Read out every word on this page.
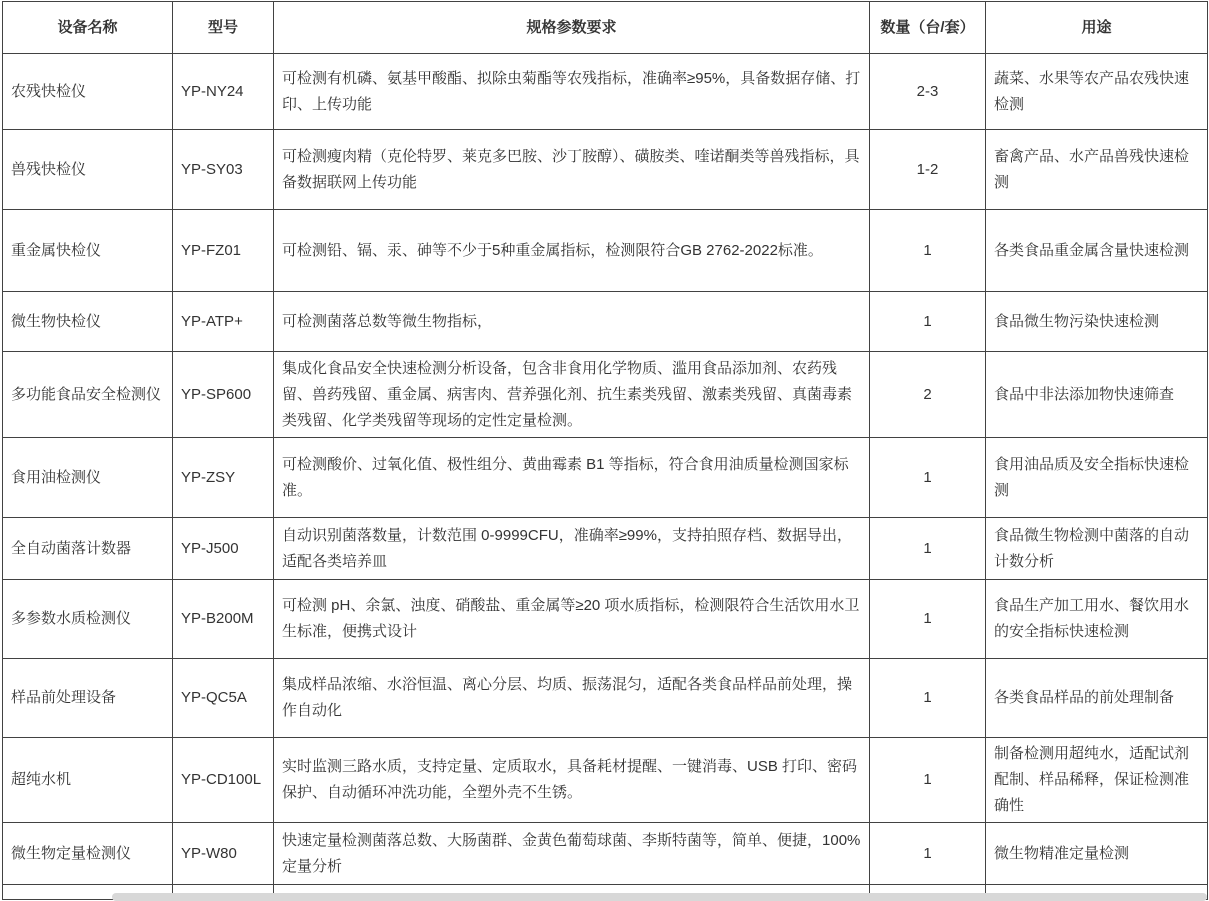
设备名称	型号	规格参数要求	数量（台/套）	用途
农残快检仪	YP-NY24	可检测有机磷、氨基甲酸酯、拟除虫菊酯等农残指标，准确率≥95%，具备数据存储、打印、上传功能	2-3	蔬菜、水果等农产品农残快速检测
兽残快检仪	YP-SY03	可检测瘦肉精（克伦特罗、莱克多巴胺、沙丁胺醇）、磺胺类、喹诺酮类等兽残指标，具备数据联网上传功能	1-2	畜禽产品、水产品兽残快速检测
重金属快检仪	YP-FZ01	可检测铅、镉、汞、砷等不少于5种重金属指标，检测限符合GB 2762-2022标准。	1	各类食品重金属含量快速检测
微生物快检仪	YP-ATP+	可检测菌落总数等微生物指标，	1	食品微生物污染快速检测
多功能食品安全检测仪	YP-SP600	集成化食品安全快速检测分析设备，包含非食用化学物质、滥用食品添加剂、农药残留、兽药残留、重金属、病害肉、营养强化剂、抗生素类残留、激素类残留、真菌毒素类残留、化学类残留等现场的定性定量检测。	2	食品中非法添加物快速筛查
食用油检测仪	YP-ZSY	可检测酸价、过氧化值、极性组分、黄曲霉素 B1 等指标，符合食用油质量检测国家标准。	1	食用油品质及安全指标快速检测
全自动菌落计数器	YP-J500	自动识别菌落数量，计数范围 0-9999CFU，准确率≥99%，支持拍照存档、数据导出，适配各类培养皿	1	食品微生物检测中菌落的自动计数分析
多参数水质检测仪	YP-B200M	可检测 pH、余氯、浊度、硝酸盐、重金属等≥20 项水质指标，检测限符合生活饮用水卫生标准，便携式设计	1	食品生产加工用水、餐饮用水的安全指标快速检测
样品前处理设备	YP-QC5A	集成样品浓缩、水浴恒温、离心分层、均质、振荡混匀，适配各类食品样品前处理，操作自动化	1	各类食品样品的前处理制备
超纯水机	YP-CD100L	实时监测三路水质，支持定量、定质取水，具备耗材提醒、一键消毒、USB 打印、密码保护、自动循环冲洗功能，全塑外壳不生锈。	1	制备检测用超纯水，适配试剂配制、样品稀释，保证检测准确性
微生物定量检测仪	YP-W80	快速定量检测菌落总数、大肠菌群、金黄色葡萄球菌、李斯特菌等，简单、便捷，100%定量分析	1	微生物精准定量检测
